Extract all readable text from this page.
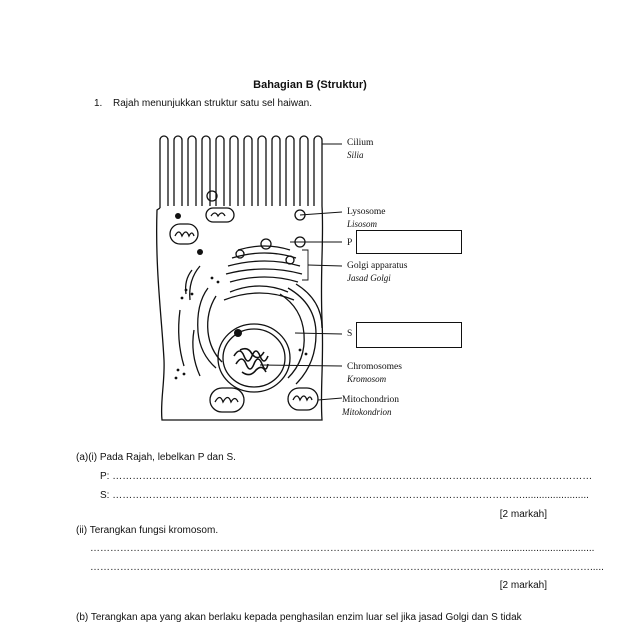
Bahagian B (Struktur)
1. Rajah menunjukkan struktur satu sel haiwan.
Cilium
Silia
Lysosome
Lisosom
P
Golgi apparatus
Jasad Golgi
S
Chromosomes
Kromosom
Mitochondrion
Mitokondrion
(a)(i) Pada Rajah, lebelkan P dan S.
P: ………………………………………………………………………………………………………………………………
S: ……………………………………………………………………………………………………………........................
[2 markah]
(ii) Terangkan fungsi kromosom.
……………………………………………………………………………………………………………..................................
…………………………………………………………………………………………………………………………………….....
[2 markah]
(b) Terangkan apa yang akan berlaku kepada penghasilan enzim luar sel jika jasad Golgi dan S tidak
